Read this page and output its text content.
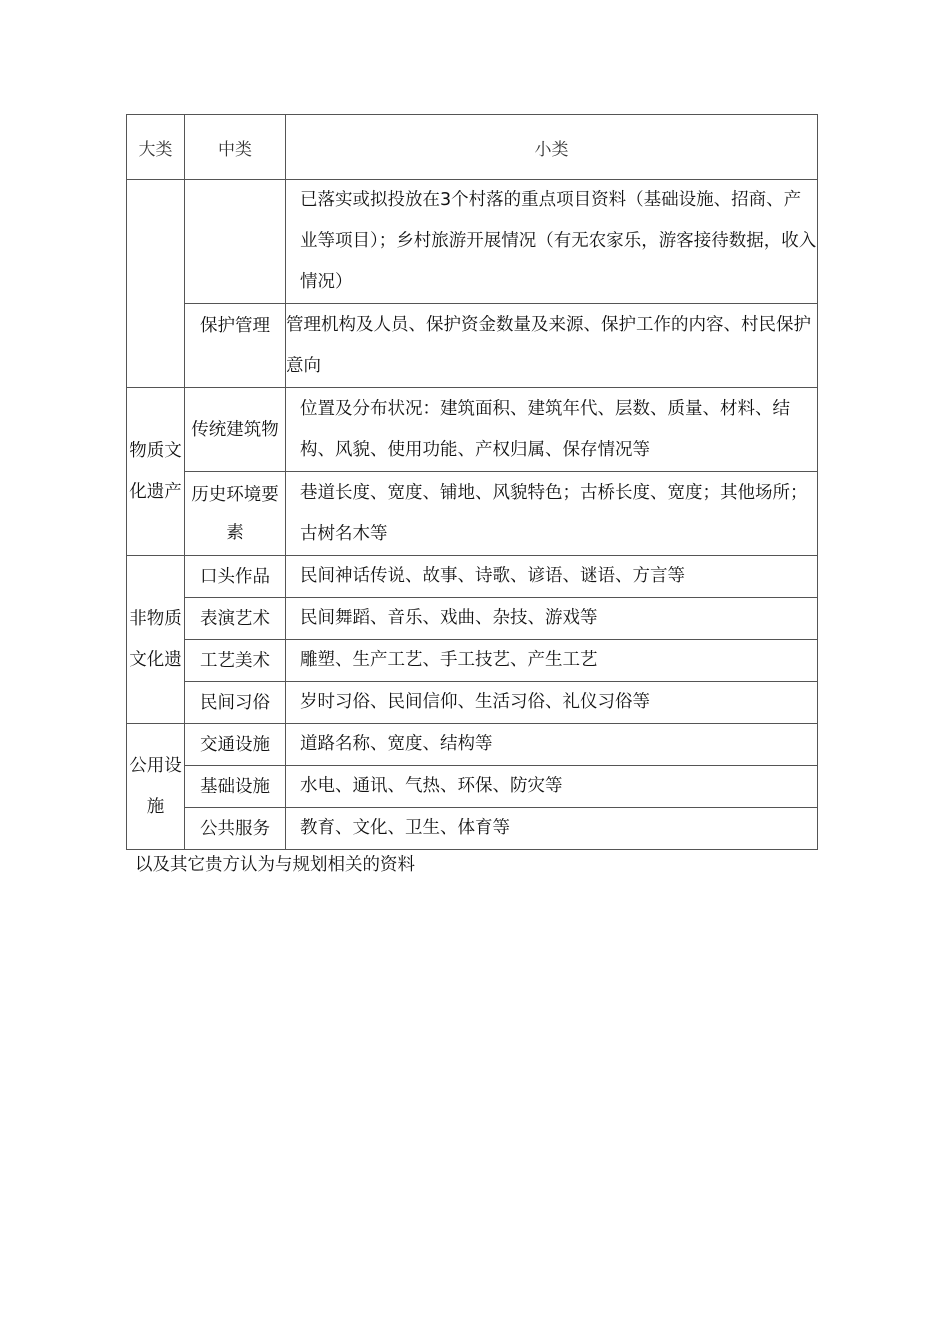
大类	中类	小类
		已落实或拟投放在3个村落的重点项目资料（基础设施、招商、产业等项目）；乡村旅游开展情况（有无农家乐，游客接待数据，收入情况）
	保护管理	管理机构及人员、保护资金数量及来源、保护工作的内容、村民保护意向
物质文化遗产	传统建筑物	位置及分布状况：建筑面积、建筑年代、层数、质量、材料、结构、风貌、使用功能、产权归属、保存情况等
	历史环境要素	巷道长度、宽度、铺地、风貌特色；古桥长度、宽度；其他场所；古树名木等
非物质文化遗	口头作品	民间神话传说、故事、诗歌、谚语、谜语、方言等
	表演艺术	民间舞蹈、音乐、戏曲、杂技、游戏等
	工艺美术	雕塑、生产工艺、手工技艺、产生工艺
	民间习俗	岁时习俗、民间信仰、生活习俗、礼仪习俗等
公用设施	交通设施	道路名称、宽度、结构等
	基础设施	水电、通讯、气热、环保、防灾等
	公共服务	教育、文化、卫生、体育等
以及其它贵方认为与规划相关的资料
